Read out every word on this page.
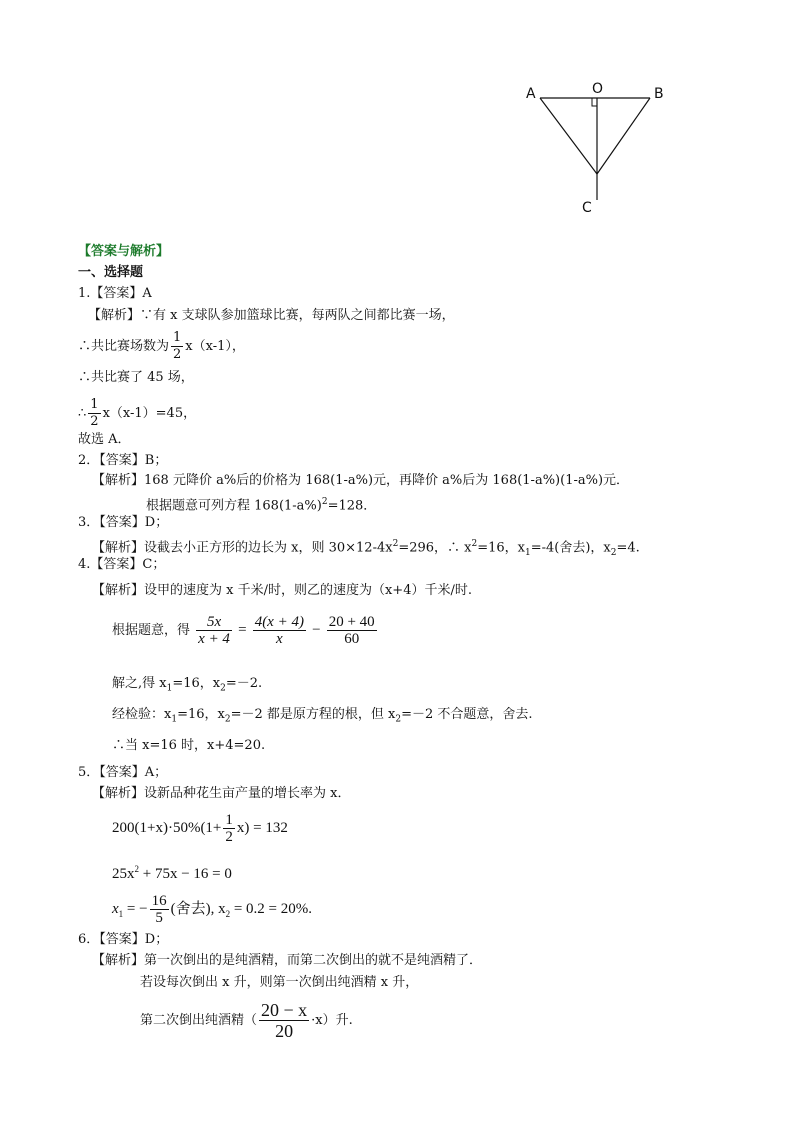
A	O	B
C
【答案与解析】
一、选择题
1.【答案】A
【解析】∵有 x 支球队参加篮球比赛，每两队之间都比赛一场，
∴共比赛场数为 $\frac{1}{2} x(x-1)$，
∴共比赛了 45 场，
∴ $\frac{1}{2} x(x-1)=45$，
故选 A．
2．【答案】B；
【解析】168 元降价 a%后的价格为 168(1-a%)元，再降价 a%后为 168(1-a%)(1-a%)元．
根据题意可列方程 $168(1-a\%)^2=128$．
3．【答案】D；
【解析】设截去小正方形的边长为 x，则 $30\times 12-4x^2=296$，∴ $x^2=16$，$x_1=-4$(舍去)，$x_2=4$.
4.【答案】C；
【解析】设甲的速度为 x 千米/时，则乙的速度为（x+4）千米/时.
根据题意，得 $\frac{5x}{x + 4} = \frac{4(x + 4)}{x} - \frac{20 + 40}{60}$
解之,得 $x_1=16$，$x_2=-2$.
经检验：$x_1=16$，$x_2=-2$ 都是原方程的根，但 $x_2=-2$ 不合题意，舍去.
∴当 x=16 时，x+4=20.
5．【答案】A；
【解析】设新品种花生亩产量的增长率为 x．
$200(1+x)\cdot 50\%(1+ \frac{1}{2} x) = 132$
$25x^2 + 75x - 16 = 0$
$x_1$ = − $\frac{16}{5}$ (舍去), $x_2 = 0.2 = 20\%$.
6．【答案】D；
【解析】第一次倒出的是纯酒精，而第二次倒出的就不是纯酒精了．
若设每次倒出 x 升，则第一次倒出纯酒精 x 升，
第二次倒出纯酒精（ $\frac{20 - x}{20} \cdot x$）升.
